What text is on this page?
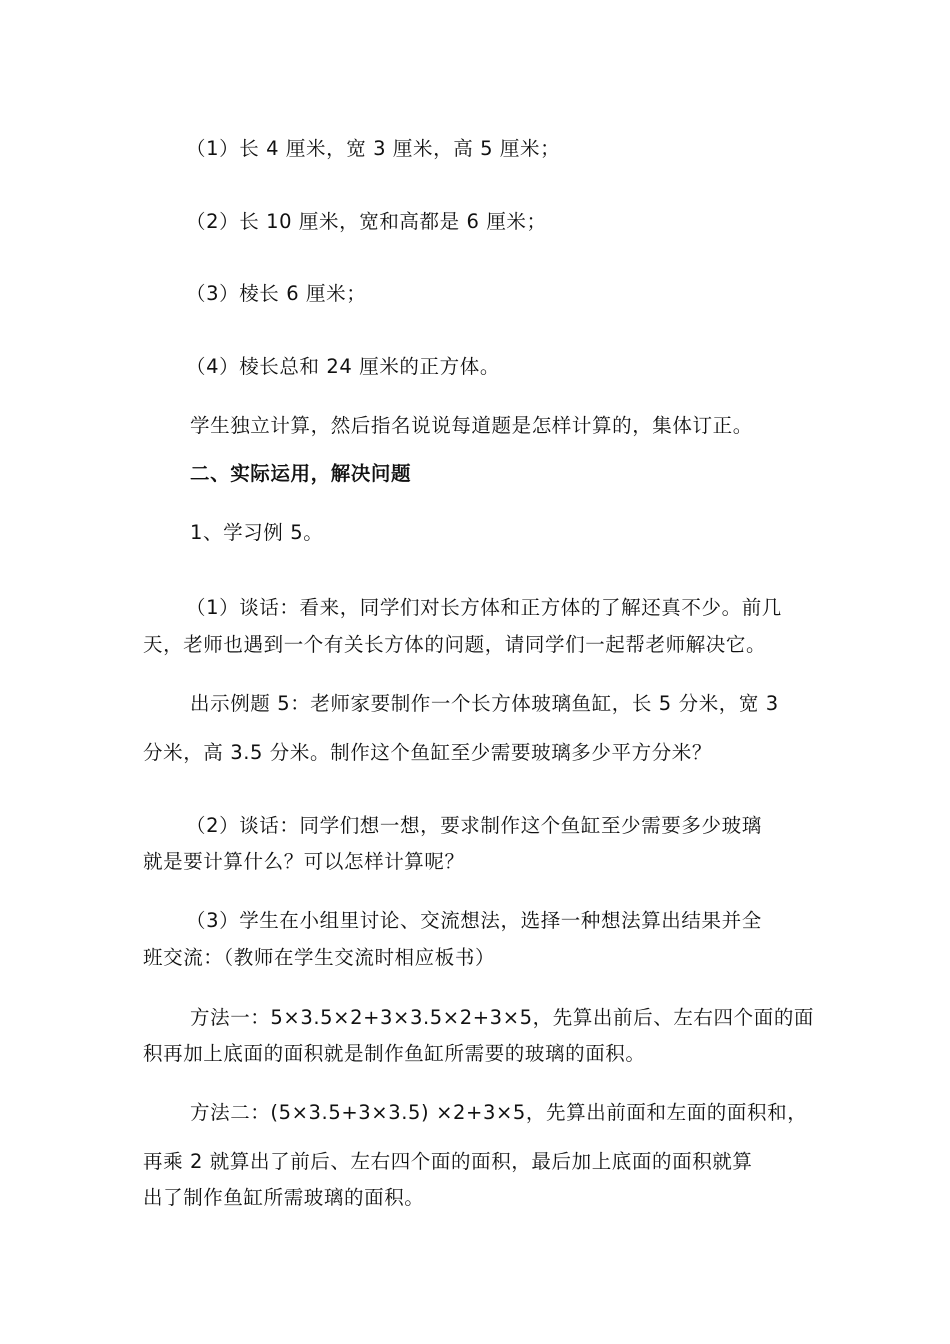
（1）长 4 厘米，宽 3 厘米，高 5 厘米；
（2）长 10 厘米，宽和高都是 6 厘米；
（3）棱长 6 厘米；
（4）棱长总和 24 厘米的正方体。
学生独立计算，然后指名说说每道题是怎样计算的，集体订正。
二、实际运用，解决问题
1、学习例 5。
（1）谈话：看来，同学们对长方体和正方体的了解还真不少。前几
天，老师也遇到一个有关长方体的问题，请同学们一起帮老师解决它。
出示例题 5：老师家要制作一个长方体玻璃鱼缸，长 5 分米，宽 3
分米，高 3.5 分米。制作这个鱼缸至少需要玻璃多少平方分米？
（2）谈话：同学们想一想，要求制作这个鱼缸至少需要多少玻璃
就是要计算什么？可以怎样计算呢？
（3）学生在小组里讨论、交流想法，选择一种想法算出结果并全
班交流：（教师在学生交流时相应板书）
方法一：5×3.5×2+3×3.5×2+3×5，先算出前后、左右四个面的面
积再加上底面的面积就是制作鱼缸所需要的玻璃的面积。
方法二：(5×3.5+3×3.5) ×2+3×5，先算出前面和左面的面积和，
再乘 2 就算出了前后、左右四个面的面积，最后加上底面的面积就算
出了制作鱼缸所需玻璃的面积。
